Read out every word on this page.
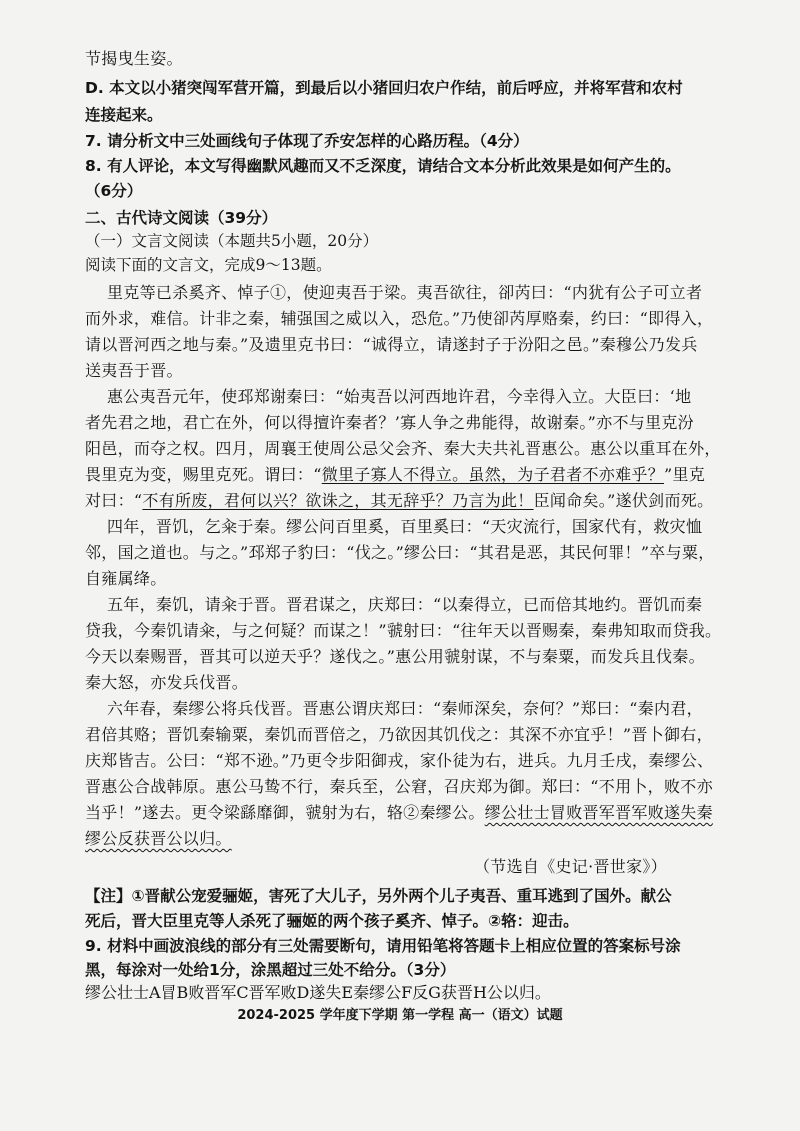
节揭曳生姿。
D. 本文以小猪突闯军营开篇，到最后以小猪回归农户作结，前后呼应，并将军营和农村
连接起来。
7. 请分析文中三处画线句子体现了乔安怎样的心路历程。（4分）
8. 有人评论，本文写得幽默风趣而又不乏深度，请结合文本分析此效果是如何产生的。
（6分）
二、古代诗文阅读（39分）
（一）文言文阅读（本题共5小题，20分）
阅读下面的文言文，完成9～13题。
里克等已杀奚齐、悼子①，使迎夷吾于梁。夷吾欲往，卻芮曰：“内犹有公子可立者
而外求，难信。计非之秦，辅强国之威以入，恐危。”乃使卻芮厚赂秦，约曰：“即得入，
请以晋河西之地与秦。”及遗里克书曰：“诚得立，请遂封子于汾阳之邑。”秦穆公乃发兵
送夷吾于晋。
惠公夷吾元年，使邳郑谢秦曰：“始夷吾以河西地许君，今幸得入立。大臣曰：‘地
者先君之地，君亡在外，何以得擅许秦者？’寡人争之弗能得，故谢秦。”亦不与里克汾
阳邑，而夺之权。四月，周襄王使周公忌父会齐、秦大夫共礼晋惠公。惠公以重耳在外，
畏里克为变，赐里克死。谓曰：“微里子寡人不得立。虽然，为子君者不亦难乎？”里克
对曰：“不有所废，君何以兴？欲诛之，其无辞乎？乃言为此！臣闻命矣。”遂伏剑而死。
四年，晋饥，乞籴于秦。缪公问百里奚，百里奚曰：“天灾流行，国家代有，救灾恤
邻，国之道也。与之。”邳郑子豹曰：“伐之。”缪公曰：“其君是恶，其民何罪！”卒与粟，
自雍属绛。
五年，秦饥，请籴于晋。晋君谋之，庆郑曰：“以秦得立，已而倍其地约。晋饥而秦
贷我，今秦饥请籴，与之何疑？而谋之！”虢射曰：“往年天以晋赐秦，秦弗知取而贷我。
今天以秦赐晋，晋其可以逆天乎？遂伐之。”惠公用虢射谋，不与秦粟，而发兵且伐秦。
秦大怒，亦发兵伐晋。
六年春，秦缪公将兵伐晋。晋惠公谓庆郑曰：“秦师深矣，奈何？”郑曰：“秦内君，
君倍其赂；晋饥秦输粟，秦饥而晋倍之，乃欲因其饥伐之：其深不亦宜乎！”晋卜御右，
庆郑皆吉。公曰：“郑不逊。”乃更令步阳御戎，家仆徒为右，进兵。九月壬戌，秦缪公、
晋惠公合战韩原。惠公马鸷不行，秦兵至，公窘，召庆郑为御。郑曰：“不用卜，败不亦
当乎！”遂去。更令梁繇靡御，虢射为右，辂②秦缪公。缪公壮士冒败晋军晋军败遂失秦
缪公反获晋公以归。
（节选自《史记·晋世家》）
【注】①晋献公宠爱骊姬，害死了大儿子，另外两个儿子夷吾、重耳逃到了国外。献公
死后，晋大臣里克等人杀死了骊姬的两个孩子奚齐、悼子。②辂：迎击。
9. 材料中画波浪线的部分有三处需要断句，请用铅笔将答题卡上相应位置的答案标号涂
黑，每涂对一处给1分，涂黑超过三处不给分。（3分）
缪公壮士A冒B败晋军C晋军败D遂失E秦缪公F反G获晋H公以归。
2024-2025 学年度下学期 第一学程 高一（语文）试题
